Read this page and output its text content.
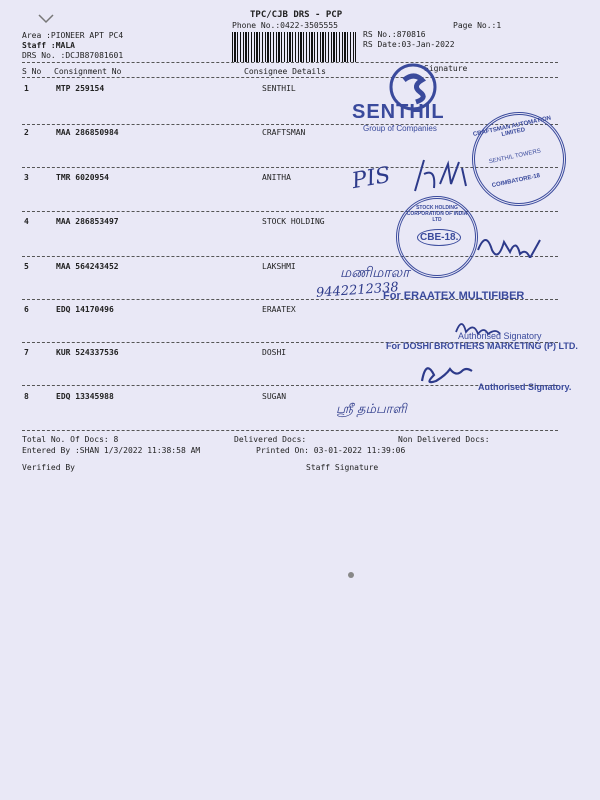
TPC/CJB DRS - PCP
Phone No.:0422-3505555	Page No.:1
Area :PIONEER APT PC4
Staff :MALA
DRS No. :DCJB87081601
RS No.:870816
RS Date:03-Jan-2022
S No Consignment No	Consignee Details	Signature
1	MTP 259154	SENTHIL
2	MAA 286850984	CRAFTSMAN
3	TMR 6020954	ANITHA
4	MAA 286853497	STOCK HOLDING
5	MAA 564243452	LAKSHMI
6	EDQ 14170496	ERAATEX
7	KUR 524337536	DOSHI
8	EDQ 13345988	SUGAN
Total No. Of Docs: 8	Delivered Docs:	Non Delivered Docs:
Entered By :SHAN 1/3/2022 11:38:58 AM	Printed On: 03-01-2022 11:39:06
Verified By	Staff Signature
SENTHIL
Group of Companies	CRAFTSMAN AUTOMATION LIMITED
SENTHIL TOWERS
COIMBATORE-18
PIS
STOCK HOLDING CORPORATION OF INDIA LTD
CBE-18.
மணிமாலா
9442212338
For ERAATEX MULTIFIBER
Authorised Signatory
For DOSHI BROTHERS MARKETING (P) LTD.
Authorised Signatory.
ஸ்ரீ தம்பாளி
